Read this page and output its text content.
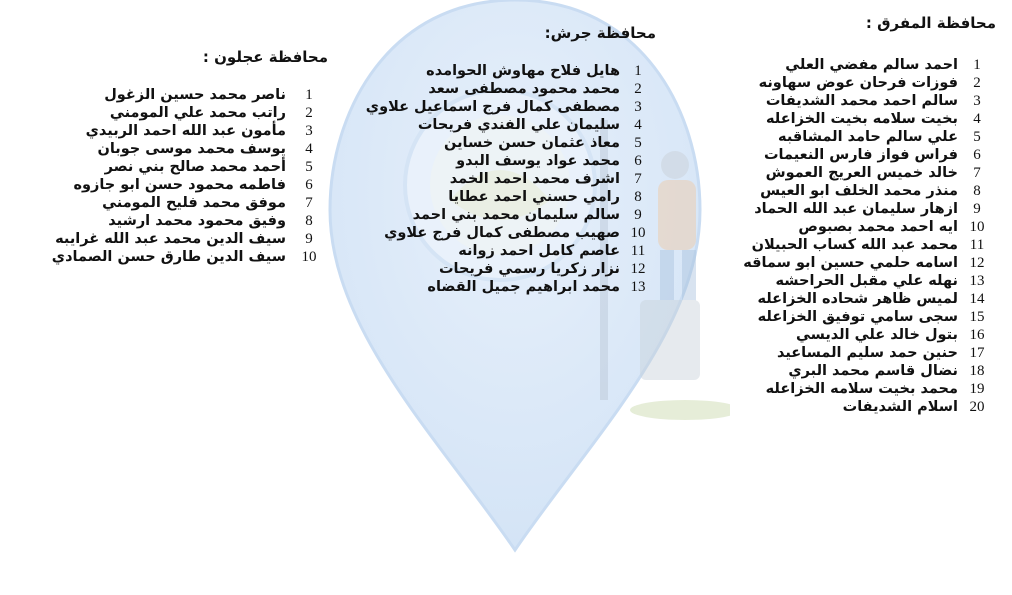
محافظة المفرق :
1
احمد سالم مفضي العلي
2
فوزات فرحان عوض سهاونه
3
سالم احمد محمد الشديفات
4
بخيت سلامه بخيت الخزاعله
5
علي سالم حامد المشاقبه
6
فراس فواز فارس النعيمات
7
خالد خميس العريج العموش
8
منذر محمد الخلف ابو العيس
9
ازهار سليمان عبد الله الحماد
10
ايه احمد محمد بصبوص
11
محمد عبد الله كساب الحبيلان
12
اسامه حلمي حسين ابو سماقه
13
نهله علي مقبل الحراحشه
14
لميس ظاهر شحاده الخزاعله
15
سجى سامي توفيق الخزاعله
16
بتول خالد علي الديسي
17
حنين حمد سليم المساعيد
18
نضال قاسم محمد البري
19
محمد بخيت سلامه الخزاعله
20
اسلام الشديفات
محافظة جرش:
1
هايل فلاح مهاوش الحوامده
2
محمد محمود مصطفى سعد
3
مصطفى كمال فرج اسماعيل علاوي
4
سليمان علي الفندي فريحات
5
معاذ عثمان حسن خساين
6
محمد عواد يوسف البدو
7
اشرف محمد احمد الخمد
8
رامي حسني احمد عطايا
9
سالم سليمان محمد بني احمد
10
صهيب مصطفى كمال فرج علاوي
11
عاصم كامل احمد زوانه
12
نزار زكريا رسمي فريحات
13
محمد ابراهيم جميل القضاه
محافظة عجلون :
1
ناصر محمد حسين الزغول
2
راتب محمد علي المومني
3
مأمون عبد الله احمد الربيدي
4
يوسف محمد موسى جوبان
5
أحمد محمد صالح بني نصر
6
فاطمه محمود حسن ابو جازوه
7
موفق محمد فليح المومني
8
وفيق محمود محمد ارشيد
9
سيف الدين محمد عبد الله غرايبه
10
سيف الدين طارق حسن الصمادي
